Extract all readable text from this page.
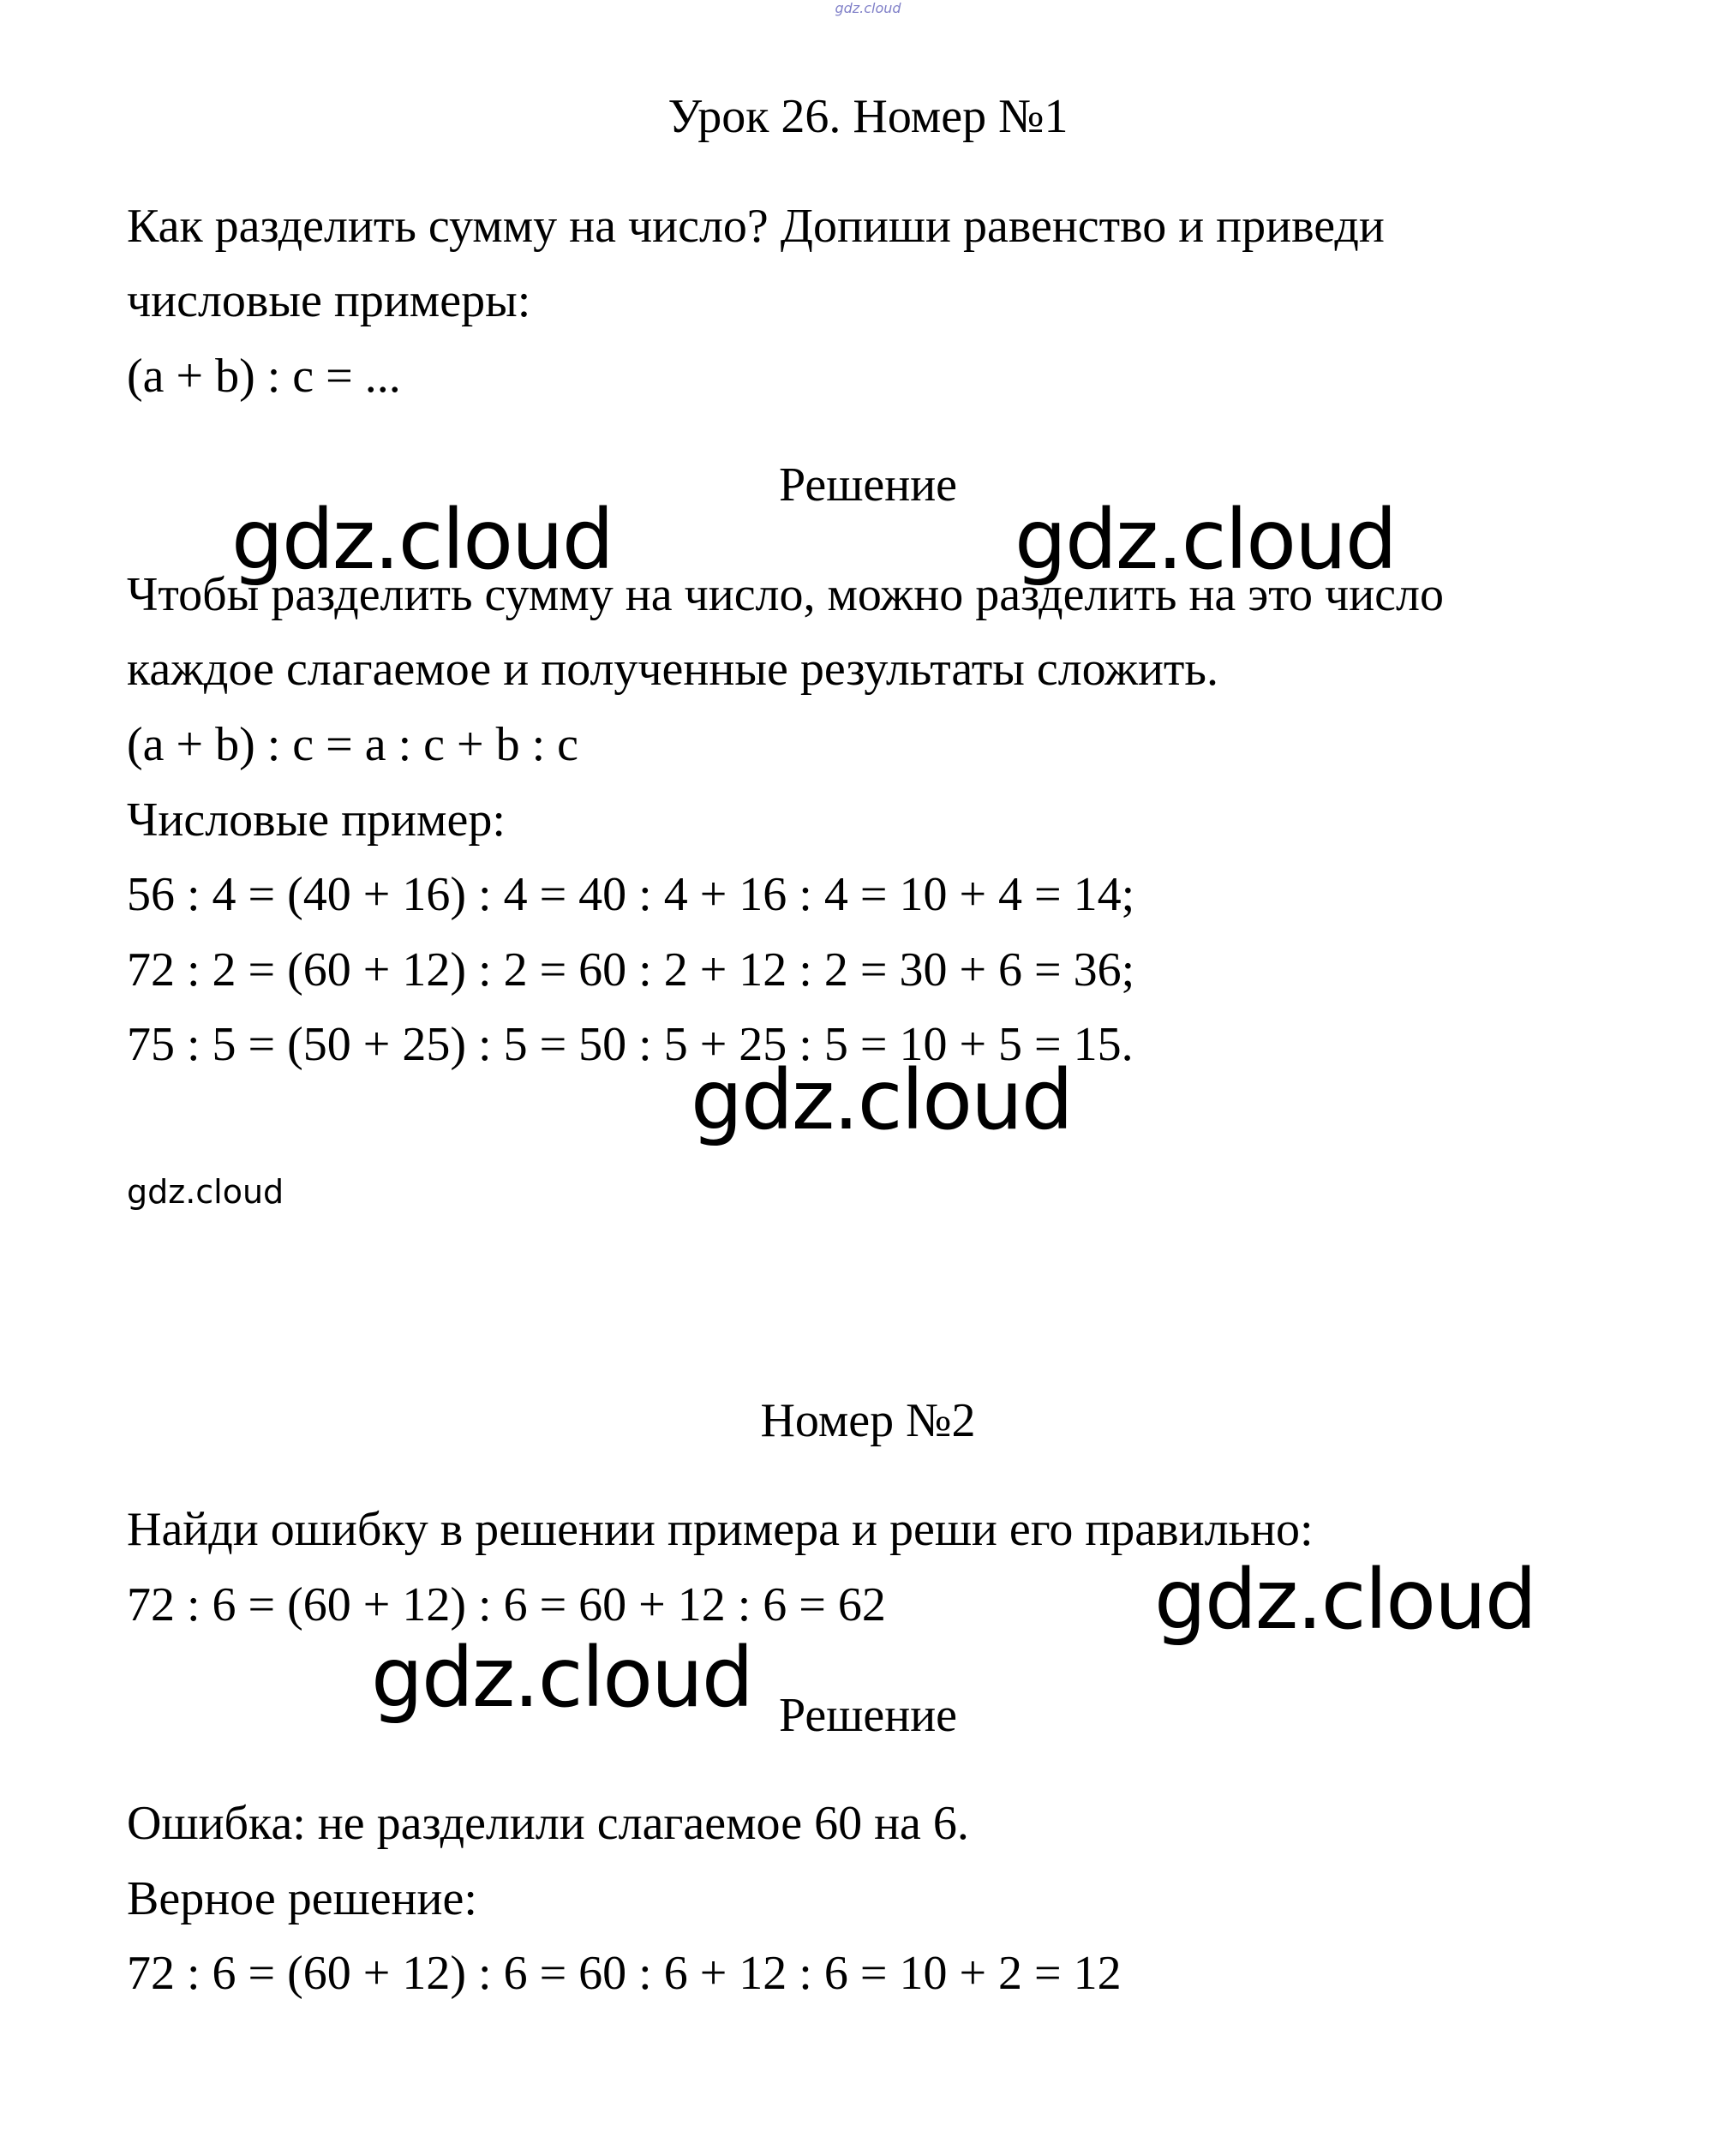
gdz.cloud

Урок 26. Номер №1

Как разделить сумму на число? Допиши равенство и приведи

числовые примеры:

(a + b) : c = ...

Решение

Чтобы разделить сумму на число, можно разделить на это число

каждое слагаемое и полученные результаты сложить.

(a + b) : c = a : c + b : c

Числовые пример:

56 : 4 = (40 + 16) : 4 = 40 : 4 + 16 : 4 = 10 + 4 = 14;

72 : 2 = (60 + 12) : 2 = 60 : 2 + 12 : 2 = 30 + 6 = 36;

75 : 5 = (50 + 25) : 5 = 50 : 5 + 25 : 5 = 10 + 5 = 15.

Номер №2

Найди ошибку в решении примера и реши его правильно:

72 : 6 = (60 + 12) : 6 = 60 + 12 : 6 = 62

Решение

Ошибка: не разделили слагаемое 60 на 6.

Верное решение:

72 : 6 = (60 + 12) : 6 = 60 : 6 + 12 : 6 = 10 + 2 = 12

gdz.cloud	gdz.cloud

gdz.cloud

gdz.cloud

gdz.cloud

gdz.cloud
